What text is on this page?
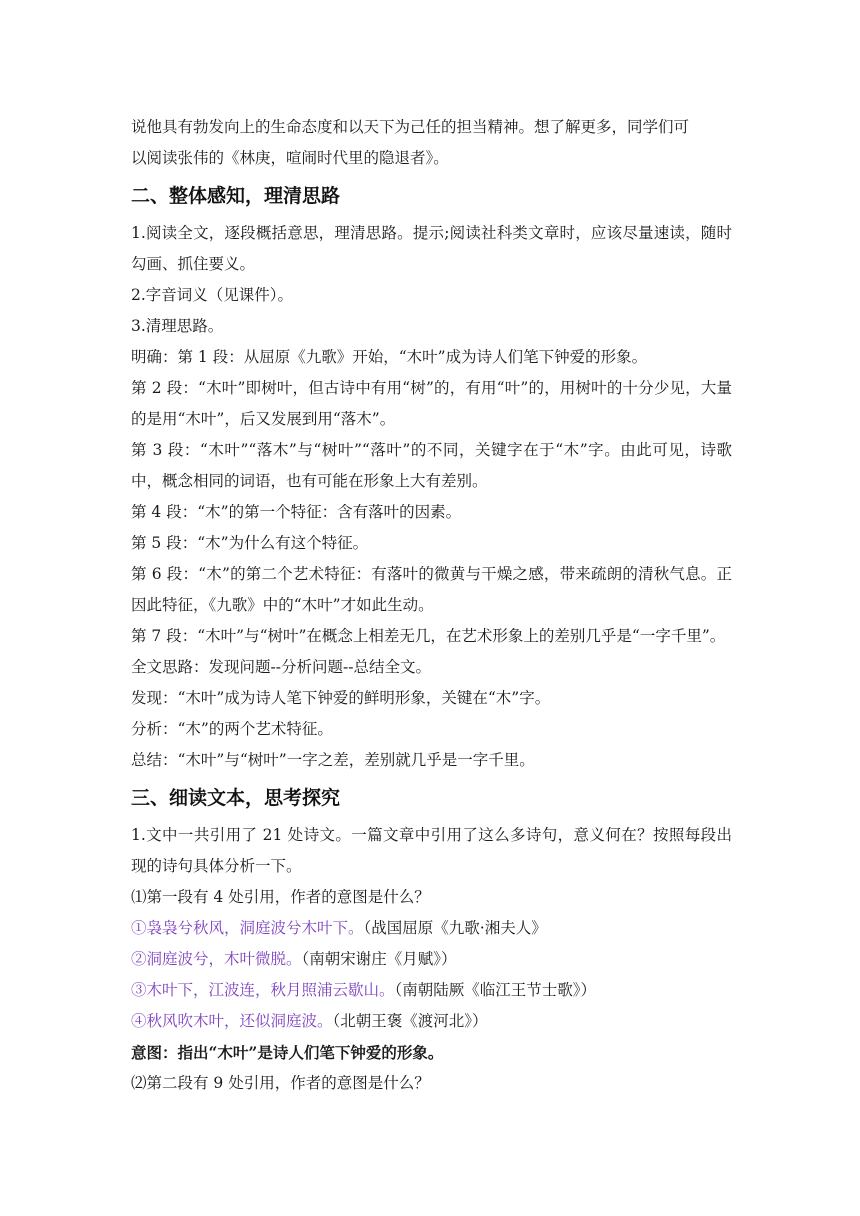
说他具有勃发向上的生命态度和以天下为己任的担当精神。想了解更多，同学们可

以阅读张伟的《林庚，喧闹时代里的隐退者》。

二、整体感知，理清思路

1.阅读全文，逐段概括意思，理清思路。提示;阅读社科类文章时，应该尽量速读，随时勾画、抓住要义。

2.字音词义（见课件）。

3.清理思路。

明确：第 1 段：从屈原《九歌》开始，“木叶”成为诗人们笔下钟爱的形象。

第 2 段：“木叶”即树叶，但古诗中有用“树”的，有用“叶”的，用树叶的十分少见，大量的是用“木叶”，后又发展到用“落木”。

第 3 段：“木叶”“落木”与“树叶”“落叶”的不同，关键字在于“木”字。由此可见，诗歌中，概念相同的词语，也有可能在形象上大有差别。

第 4 段：“木”的第一个特征：含有落叶的因素。

第 5 段：“木”为什么有这个特征。

第 6 段：“木”的第二个艺术特征：有落叶的微黄与干燥之感，带来疏朗的清秋气息。正因此特征，《九歌》中的“木叶”才如此生动。

第 7 段：“木叶”与“树叶”在概念上相差无几，在艺术形象上的差别几乎是“一字千里”。

全文思路：发现问题--分析问题--总结全文。

发现：“木叶”成为诗人笔下钟爱的鲜明形象，关键在“木”字。

分析：“木”的两个艺术特征。

总结：“木叶”与“树叶”一字之差，差别就几乎是一字千里。

三、细读文本，思考探究

1.文中一共引用了 21 处诗文。一篇文章中引用了这么多诗句，意义何在？按照每段出现的诗句具体分析一下。

⑴第一段有 4 处引用，作者的意图是什么？

①袅袅兮秋风，洞庭波兮木叶下。（战国屈原《九歌·湘夫人》

②洞庭波兮，木叶微脱。（南朝宋谢庄《月赋》）

③木叶下，江波连，秋月照浦云歇山。（南朝陆厥《临江王节士歌》）

④秋风吹木叶，还似洞庭波。（北朝王褒《渡河北》）

意图：指出“木叶”是诗人们笔下钟爱的形象。

⑵第二段有 9 处引用，作者的意图是什么？
